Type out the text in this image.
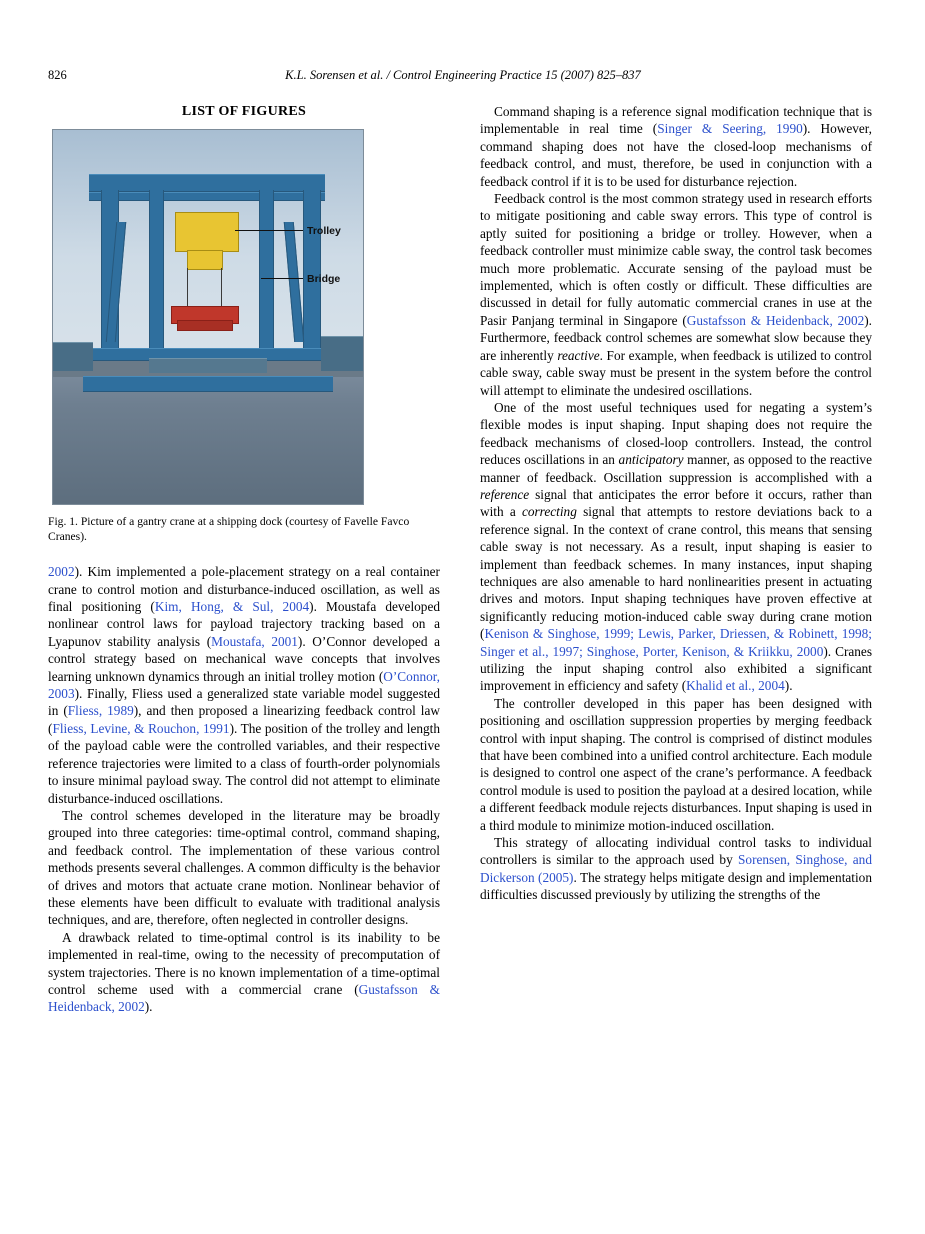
826	K.L. Sorensen et al. / Control Engineering Practice 15 (2007) 825–837
LIST OF FIGURES
Trolley
Bridge
Fig. 1. Picture of a gantry crane at a shipping dock (courtesy of Favelle Favco Cranes).

2002). Kim implemented a pole-placement strategy on a real container crane to control motion and disturbance-induced oscillation, as well as final positioning (Kim, Hong, & Sul, 2004). Moustafa developed nonlinear control laws for payload trajectory tracking based on a Lyapunov stability analysis (Moustafa, 2001). O’Connor developed a control strategy based on mechanical wave concepts that involves learning unknown dynamics through an initial trolley motion (O’Connor, 2003). Finally, Fliess used a generalized state variable model suggested in (Fliess, 1989), and then proposed a linearizing feedback control law (Fliess, Levine, & Rouchon, 1991). The position of the trolley and length of the payload cable were the controlled variables, and their respective reference trajectories were limited to a class of fourth-order polynomials to insure minimal payload sway. The control did not attempt to eliminate disturbance-induced oscillations.

The control schemes developed in the literature may be broadly grouped into three categories: time-optimal control, command shaping, and feedback control. The implementation of these various control methods presents several challenges. A common difficulty is the behavior of drives and motors that actuate crane motion. Nonlinear behavior of these elements have been difficult to evaluate with traditional analysis techniques, and are, therefore, often neglected in controller designs.

A drawback related to time-optimal control is its inability to be implemented in real-time, owing to the necessity of precomputation of system trajectories. There is no known implementation of a time-optimal control scheme used with a commercial crane (Gustafsson & Heidenback, 2002).

Command shaping is a reference signal modification technique that is implementable in real time (Singer & Seering, 1990). However, command shaping does not have the closed-loop mechanisms of feedback control, and must, therefore, be used in conjunction with a feedback control if it is to be used for disturbance rejection.

Feedback control is the most common strategy used in research efforts to mitigate positioning and cable sway errors. This type of control is aptly suited for positioning a bridge or trolley. However, when a feedback controller must minimize cable sway, the control task becomes much more problematic. Accurate sensing of the payload must be implemented, which is often costly or difficult. These difficulties are discussed in detail for fully automatic commercial cranes in use at the Pasir Panjang terminal in Singapore (Gustafsson & Heidenback, 2002). Furthermore, feedback control schemes are somewhat slow because they are inherently reactive. For example, when feedback is utilized to control cable sway, cable sway must be present in the system before the control will attempt to eliminate the undesired oscillations.

One of the most useful techniques used for negating a system’s flexible modes is input shaping. Input shaping does not require the feedback mechanisms of closed-loop controllers. Instead, the control reduces oscillations in an anticipatory manner, as opposed to the reactive manner of feedback. Oscillation suppression is accomplished with a reference signal that anticipates the error before it occurs, rather than with a correcting signal that attempts to restore deviations back to a reference signal. In the context of crane control, this means that sensing cable sway is not necessary. As a result, input shaping is easier to implement than feedback schemes. In many instances, input shaping techniques are also amenable to hard nonlinearities present in actuating drives and motors. Input shaping techniques have proven effective at significantly reducing motion-induced cable sway during crane motion (Kenison & Singhose, 1999; Lewis, Parker, Driessen, & Robinett, 1998; Singer et al., 1997; Singhose, Porter, Kenison, & Kriikku, 2000). Cranes utilizing the input shaping control also exhibited a significant improvement in efficiency and safety (Khalid et al., 2004).

The controller developed in this paper has been designed with positioning and oscillation suppression properties by merging feedback control with input shaping. The control is comprised of distinct modules that have been combined into a unified control architecture. Each module is designed to control one aspect of the crane’s performance. A feedback control module is used to position the payload at a desired location, while a different feedback module rejects disturbances. Input shaping is used in a third module to minimize motion-induced oscillation.

This strategy of allocating individual control tasks to individual controllers is similar to the approach used by Sorensen, Singhose, and Dickerson (2005). The strategy helps mitigate design and implementation difficulties discussed previously by utilizing the strengths of the
